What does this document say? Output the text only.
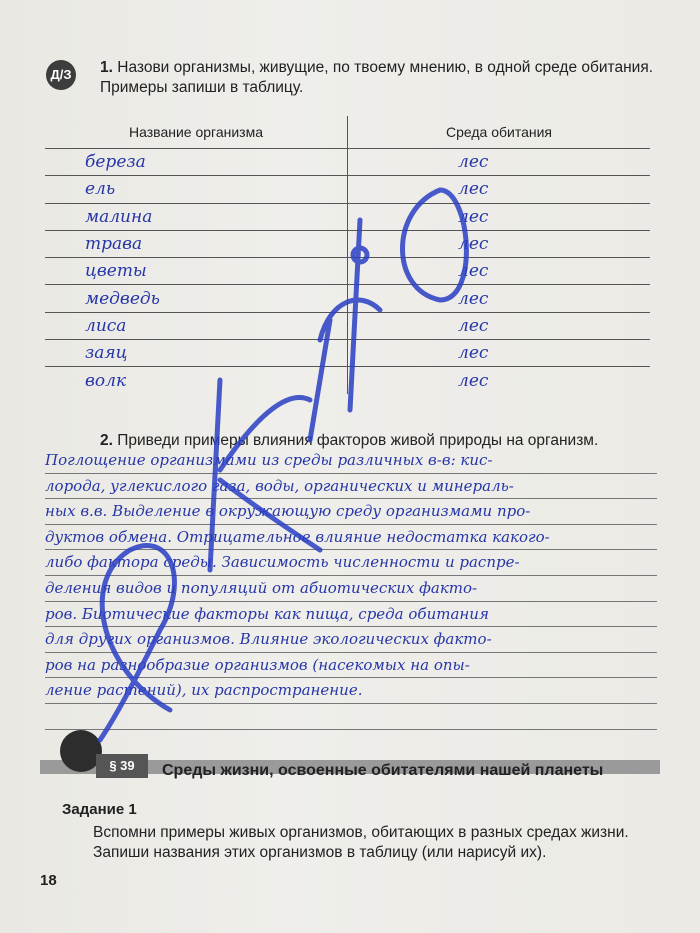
Д/З 1. Назови организмы, живущие, по твоему мнению, в одной среде обитания. Примеры запиши в таблицу.
Название организма	Среда обитания
береза	лес
ель	лес
малина	лес
трава	лес
цветы	лес
медведь	лес
лиса	лес
заяц	лес
волк	лес
2. Приведи примеры влияния факторов живой природы на организм.
Поглощение организмами из среды различных в-в: кис-
лорода, углекислого газа, воды, органических и минераль-
ных в.в. Выделение в окружающую среду организмами про-
дуктов обмена. Отрицательное влияние недостатка какого-
либо фактора среды. Зависимость численности и распре-
деления видов и популяций от абиотических факто-
ров. Биотические факторы как пища, среда обитания
для других организмов. Влияние экологических факто-
ров на разнообразие организмов (насекомых на опы-
ление растений), их распространение.
§ 39	Среды жизни, освоенные обитателями нашей планеты
Задание 1
Вспомни примеры живых организмов, обитающих в разных средах жизни. Запиши названия этих организмов в таблицу (или нарисуй их).
18
